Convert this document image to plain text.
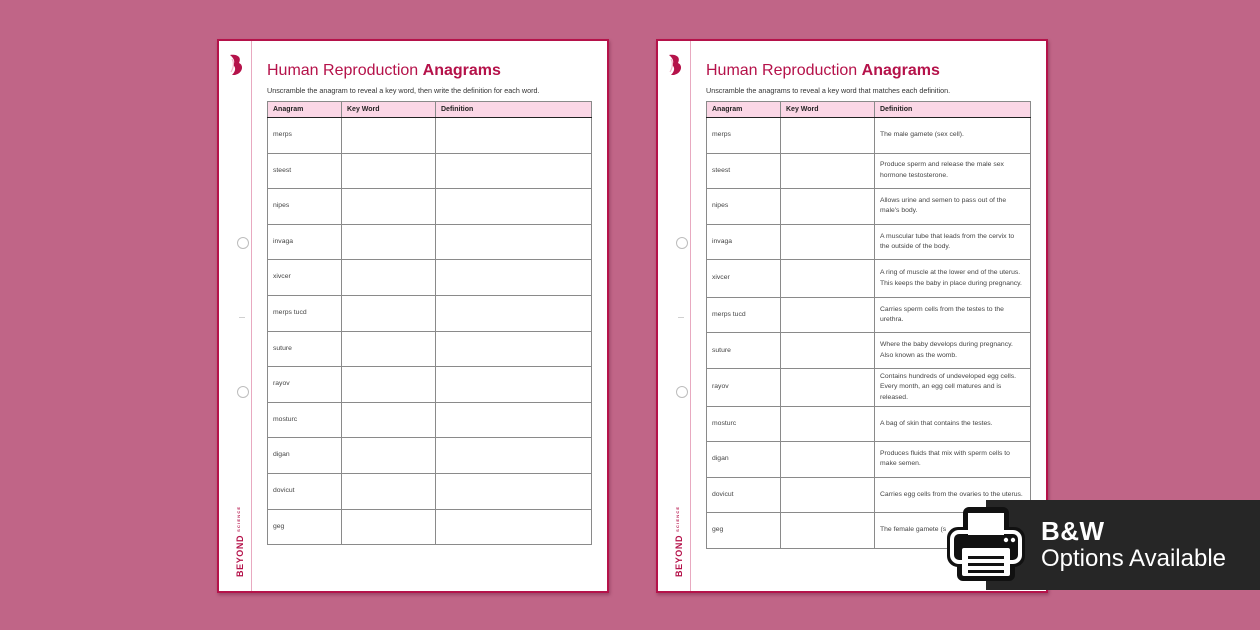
$BEYOND^{SCIENCE}$
Human Reproduction Anagrams
Unscramble the anagram to reveal a key word, then write the definition for each word.
Anagram	Key Word	Definition
merps		
steest		
nipes		
invaga		
xivcer		
merps tucd		
suture		
rayov		
mosturc		
digan		
dovicut		
geg		
$BEYOND^{SCIENCE}$
Human Reproduction Anagrams
Unscramble the anagrams to reveal a key word that matches each definition.
Anagram	Key Word	Definition
merps		The male gamete (sex cell).
steest		Produce sperm and release the male sex hormone testosterone.
nipes		Allows urine and semen to pass out of the male's body.
invaga		A muscular tube that leads from the cervix to the outside of the body.
xivcer		A ring of muscle at the lower end of the uterus. This keeps the baby in place during pregnancy.
merps tucd		Carries sperm cells from the testes to the urethra.
suture		Where the baby develops during pregnancy. Also known as the womb.
rayov		Contains hundreds of undeveloped egg cells. Every month, an egg cell matures and is released.
mosturc		A bag of skin that contains the testes.
digan		Produces fluids that mix with sperm cells to make semen.
dovicut		Carries egg cells from the ovaries to the uterus.
geg		The female gamete (s	B&W
Options Available
